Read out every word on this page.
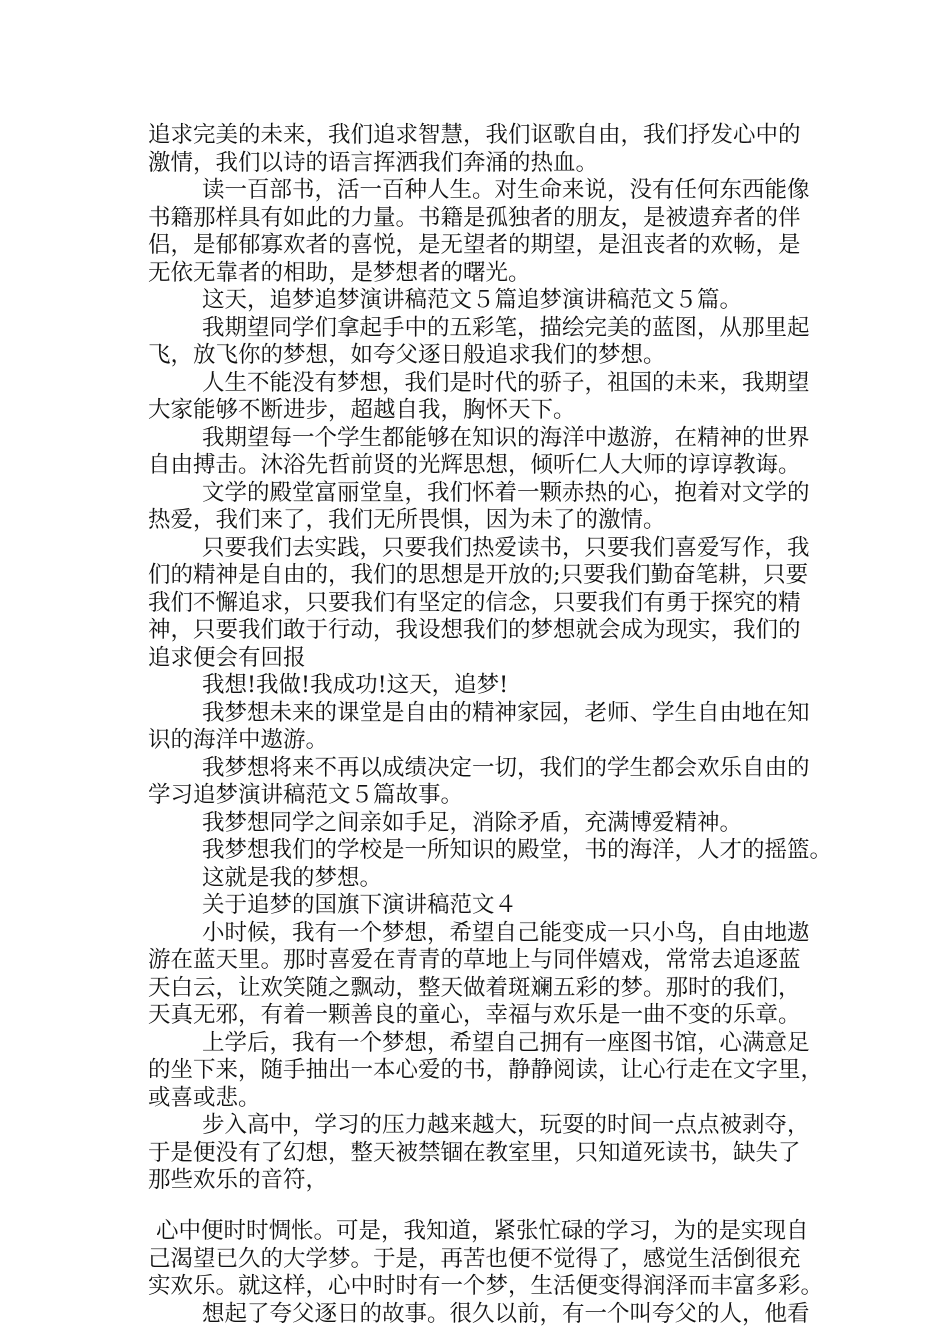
追求完美的未来，我们追求智慧，我们讴歌自由，我们抒发心中的
激情，我们以诗的语言挥洒我们奔涌的热血。
读一百部书，活一百种人生。对生命来说，没有任何东西能像
书籍那样具有如此的力量。书籍是孤独者的朋友，是被遗弃者的伴
侣，是郁郁寡欢者的喜悦，是无望者的期望，是沮丧者的欢畅，是
无依无靠者的相助，是梦想者的曙光。
这天，追梦追梦演讲稿范文５篇追梦演讲稿范文５篇。
我期望同学们拿起手中的五彩笔，描绘完美的蓝图，从那里起
飞，放飞你的梦想，如夸父逐日般追求我们的梦想。
人生不能没有梦想，我们是时代的骄子，祖国的未来，我期望
大家能够不断进步，超越自我，胸怀天下。
我期望每一个学生都能够在知识的海洋中遨游，在精神的世界
自由搏击。沐浴先哲前贤的光辉思想，倾听仁人大师的谆谆教诲。
文学的殿堂富丽堂皇，我们怀着一颗赤热的心，抱着对文学的
热爱，我们来了，我们无所畏惧，因为未了的激情。
只要我们去实践，只要我们热爱读书，只要我们喜爱写作，我
们的精神是自由的，我们的思想是开放的;只要我们勤奋笔耕，只要
我们不懈追求，只要我们有坚定的信念，只要我们有勇于探究的精
神，只要我们敢于行动，我设想我们的梦想就会成为现实，我们的
追求便会有回报
我想!我做!我成功!这天，追梦!
我梦想未来的课堂是自由的精神家园，老师、学生自由地在知
识的海洋中遨游。
我梦想将来不再以成绩决定一切，我们的学生都会欢乐自由的
学习追梦演讲稿范文５篇故事。
我梦想同学之间亲如手足，消除矛盾，充满博爱精神。
我梦想我们的学校是一所知识的殿堂，书的海洋，人才的摇篮。
这就是我的梦想。
关于追梦的国旗下演讲稿范文４
小时候，我有一个梦想，希望自己能变成一只小鸟，自由地遨
游在蓝天里。那时喜爱在青青的草地上与同伴嬉戏，常常去追逐蓝
天白云，让欢笑随之飘动，整天做着斑斓五彩的梦。那时的我们，
天真无邪，有着一颗善良的童心，幸福与欢乐是一曲不变的乐章。
上学后，我有一个梦想，希望自己拥有一座图书馆，心满意足
的坐下来，随手抽出一本心爱的书，静静阅读，让心行走在文字里，
或喜或悲。
步入高中，学习的压力越来越大，玩耍的时间一点点被剥夺，
于是便没有了幻想，整天被禁锢在教室里，只知道死读书，缺失了
那些欢乐的音符，
心中便时时惆怅。可是，我知道，紧张忙碌的学习，为的是实现自
己渴望已久的大学梦。于是，再苦也便不觉得了，感觉生活倒很充
实欢乐。就这样，心中时时有一个梦，生活便变得润泽而丰富多彩。
想起了夸父逐日的故事。很久以前，有一个叫夸父的人，他看
